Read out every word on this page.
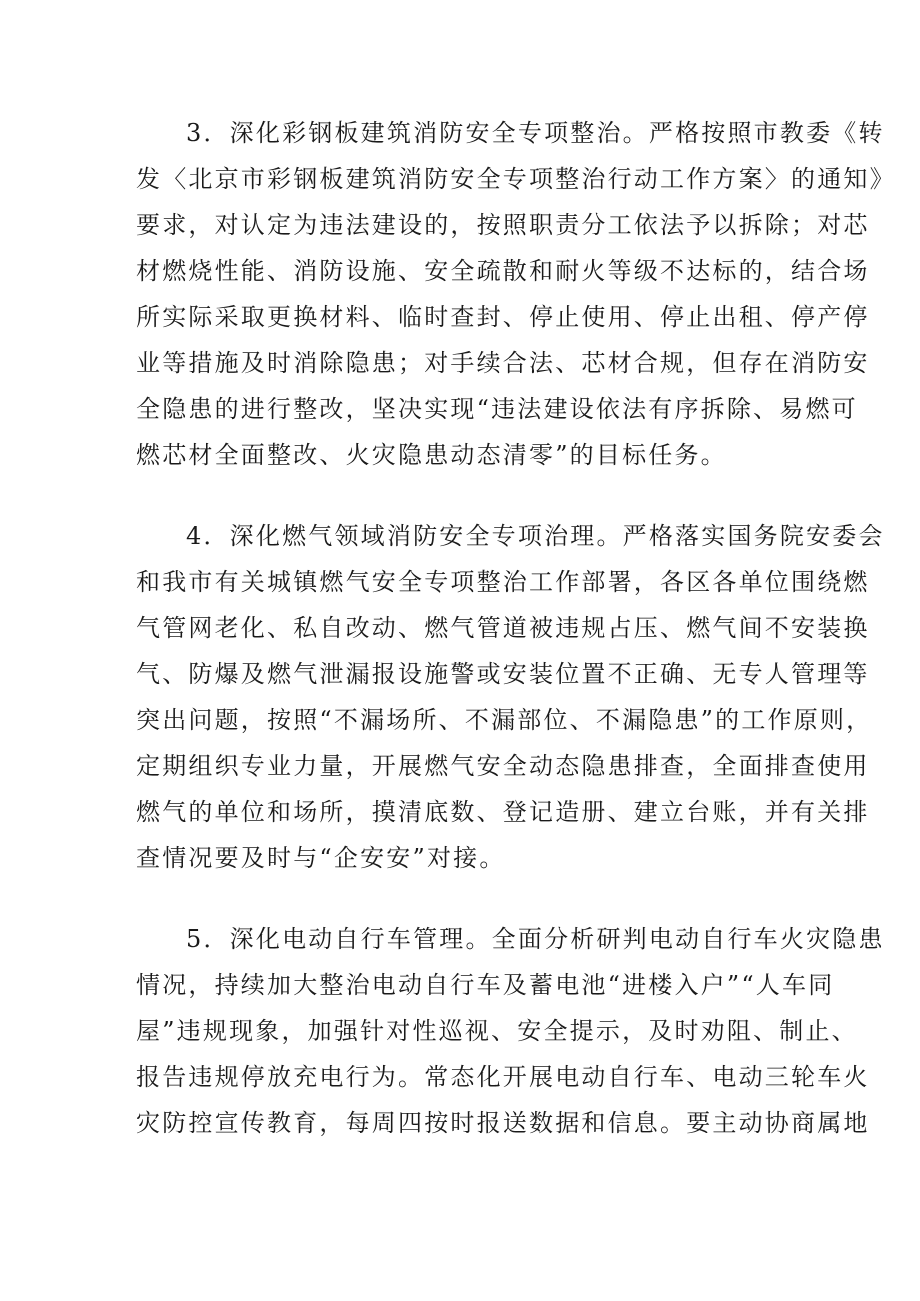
3．深化彩钢板建筑消防安全专项整治。严格按照市教委《转
发〈北京市彩钢板建筑消防安全专项整治行动工作方案〉的通知》
要求，对认定为违法建设的，按照职责分工依法予以拆除；对芯
材燃烧性能、消防设施、安全疏散和耐火等级不达标的，结合场
所实际采取更换材料、临时查封、停止使用、停止出租、停产停
业等措施及时消除隐患；对手续合法、芯材合规，但存在消防安
全隐患的进行整改，坚决实现“违法建设依法有序拆除、易燃可
燃芯材全面整改、火灾隐患动态清零”的目标任务。
4．深化燃气领域消防安全专项治理。严格落实国务院安委会
和我市有关城镇燃气安全专项整治工作部署，各区各单位围绕燃
气管网老化、私自改动、燃气管道被违规占压、燃气间不安装换
气、防爆及燃气泄漏报设施警或安装位置不正确、无专人管理等
突出问题，按照“不漏场所、不漏部位、不漏隐患”的工作原则，
定期组织专业力量，开展燃气安全动态隐患排查，全面排查使用
燃气的单位和场所，摸清底数、登记造册、建立台账，并有关排
查情况要及时与“企安安”对接。
5．深化电动自行车管理。全面分析研判电动自行车火灾隐患
情况，持续加大整治电动自行车及蓄电池“进楼入户”“人车同
屋”违规现象，加强针对性巡视、安全提示，及时劝阻、制止、
报告违规停放充电行为。常态化开展电动自行车、电动三轮车火
灾防控宣传教育，每周四按时报送数据和信息。要主动协商属地
